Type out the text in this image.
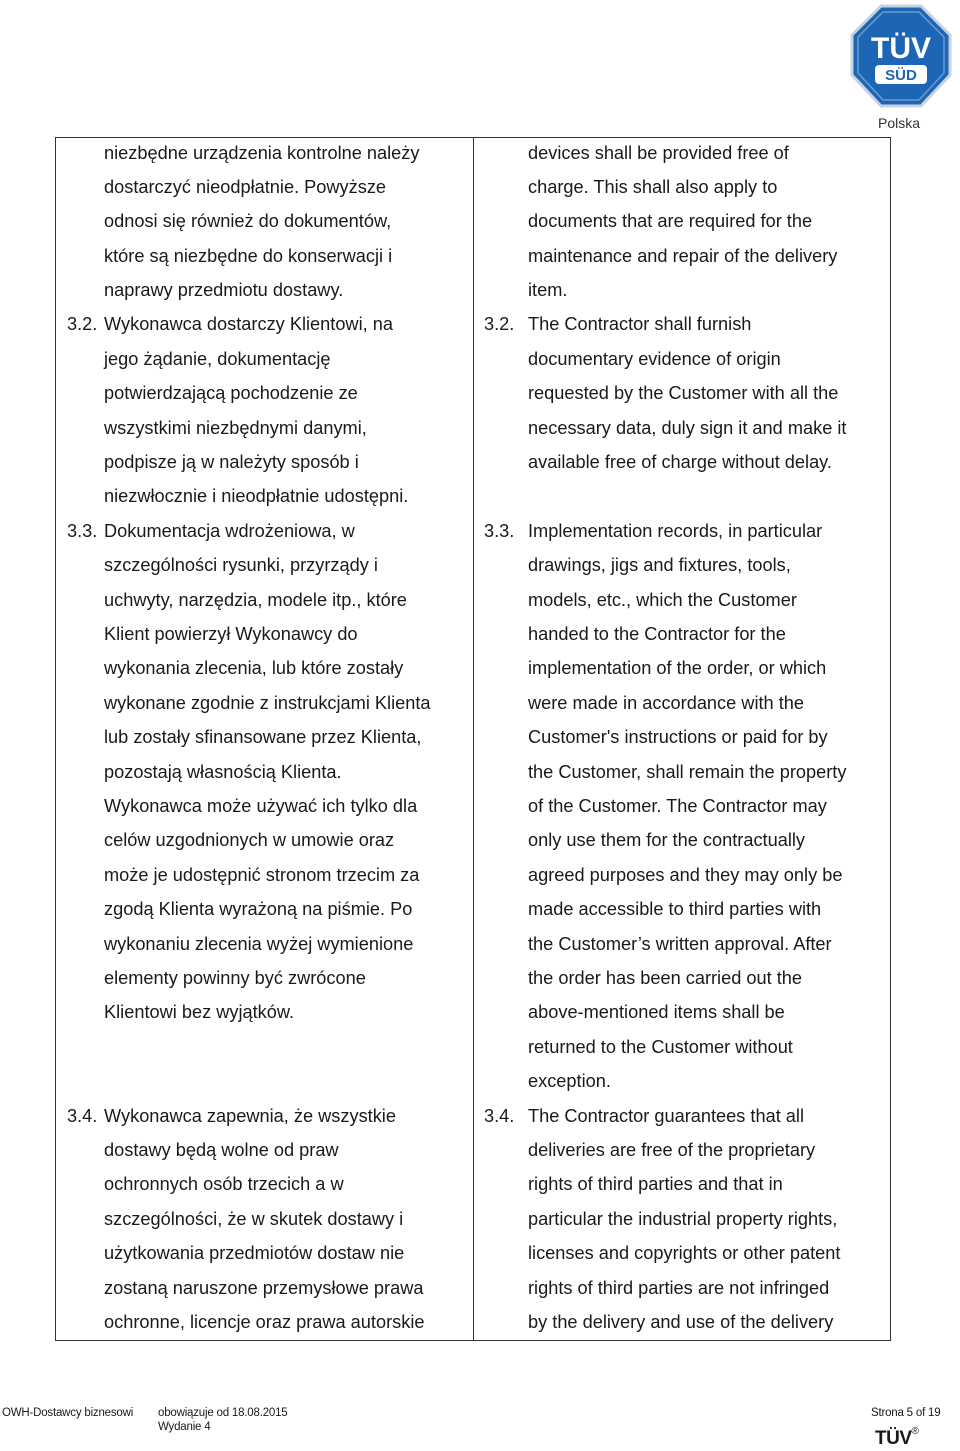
TÜV
SÜD
Polska
niezbędne urządzenia kontrolne należy
dostarczyć nieodpłatnie. Powyższe
odnosi się również do dokumentów,
które są niezbędne do konserwacji i
naprawy przedmiotu dostawy.
3.2. Wykonawca dostarczy Klientowi, na
jego żądanie, dokumentację
potwierdzającą pochodzenie ze
wszystkimi niezbędnymi danymi,
podpisze ją w należyty sposób i
niezwłocznie i nieodpłatnie udostępni.
3.3. Dokumentacja wdrożeniowa, w
szczególności rysunki, przyrządy i
uchwyty, narzędzia, modele itp., które
Klient powierzył Wykonawcy do
wykonania zlecenia, lub które zostały
wykonane zgodnie z instrukcjami Klienta
lub zostały sfinansowane przez Klienta,
pozostają własnością Klienta.
Wykonawca może używać ich tylko dla
celów uzgodnionych w umowie oraz
może je udostępnić stronom trzecim za
zgodą Klienta wyrażoną na piśmie. Po
wykonaniu zlecenia wyżej wymienione
elementy powinny być zwrócone
Klientowi bez wyjątków.
3.4. Wykonawca zapewnia, że wszystkie
dostawy będą wolne od praw
ochronnych osób trzecich a w
szczególności, że w skutek dostawy i
użytkowania przedmiotów dostaw nie
zostaną naruszone przemysłowe prawa
ochronne, licencje oraz prawa autorskie
devices shall be provided free of
charge. This shall also apply to
documents that are required for the
maintenance and repair of the delivery
item.
3.2. The Contractor shall furnish
documentary evidence of origin
requested by the Customer with all the
necessary data, duly sign it and make it
available free of charge without delay.
3.3. Implementation records, in particular
drawings, jigs and fixtures, tools,
models, etc., which the Customer
handed to the Contractor for the
implementation of the order, or which
were made in accordance with the
Customer's instructions or paid for by
the Customer, shall remain the property
of the Customer. The Contractor may
only use them for the contractually
agreed purposes and they may only be
made accessible to third parties with
the Customer’s written approval. After
the order has been carried out the
above-mentioned items shall be
returned to the Customer without
exception.
3.4. The Contractor guarantees that all
deliveries are free of the proprietary
rights of third parties and that in
particular the industrial property rights,
licenses and copyrights or other patent
rights of third parties are not infringed
by the delivery and use of the delivery
OWH-Dostawcy biznesowi obowiązuje od 18.08.2015
Wydanie 4
Strona 5 of 19
TÜV®
